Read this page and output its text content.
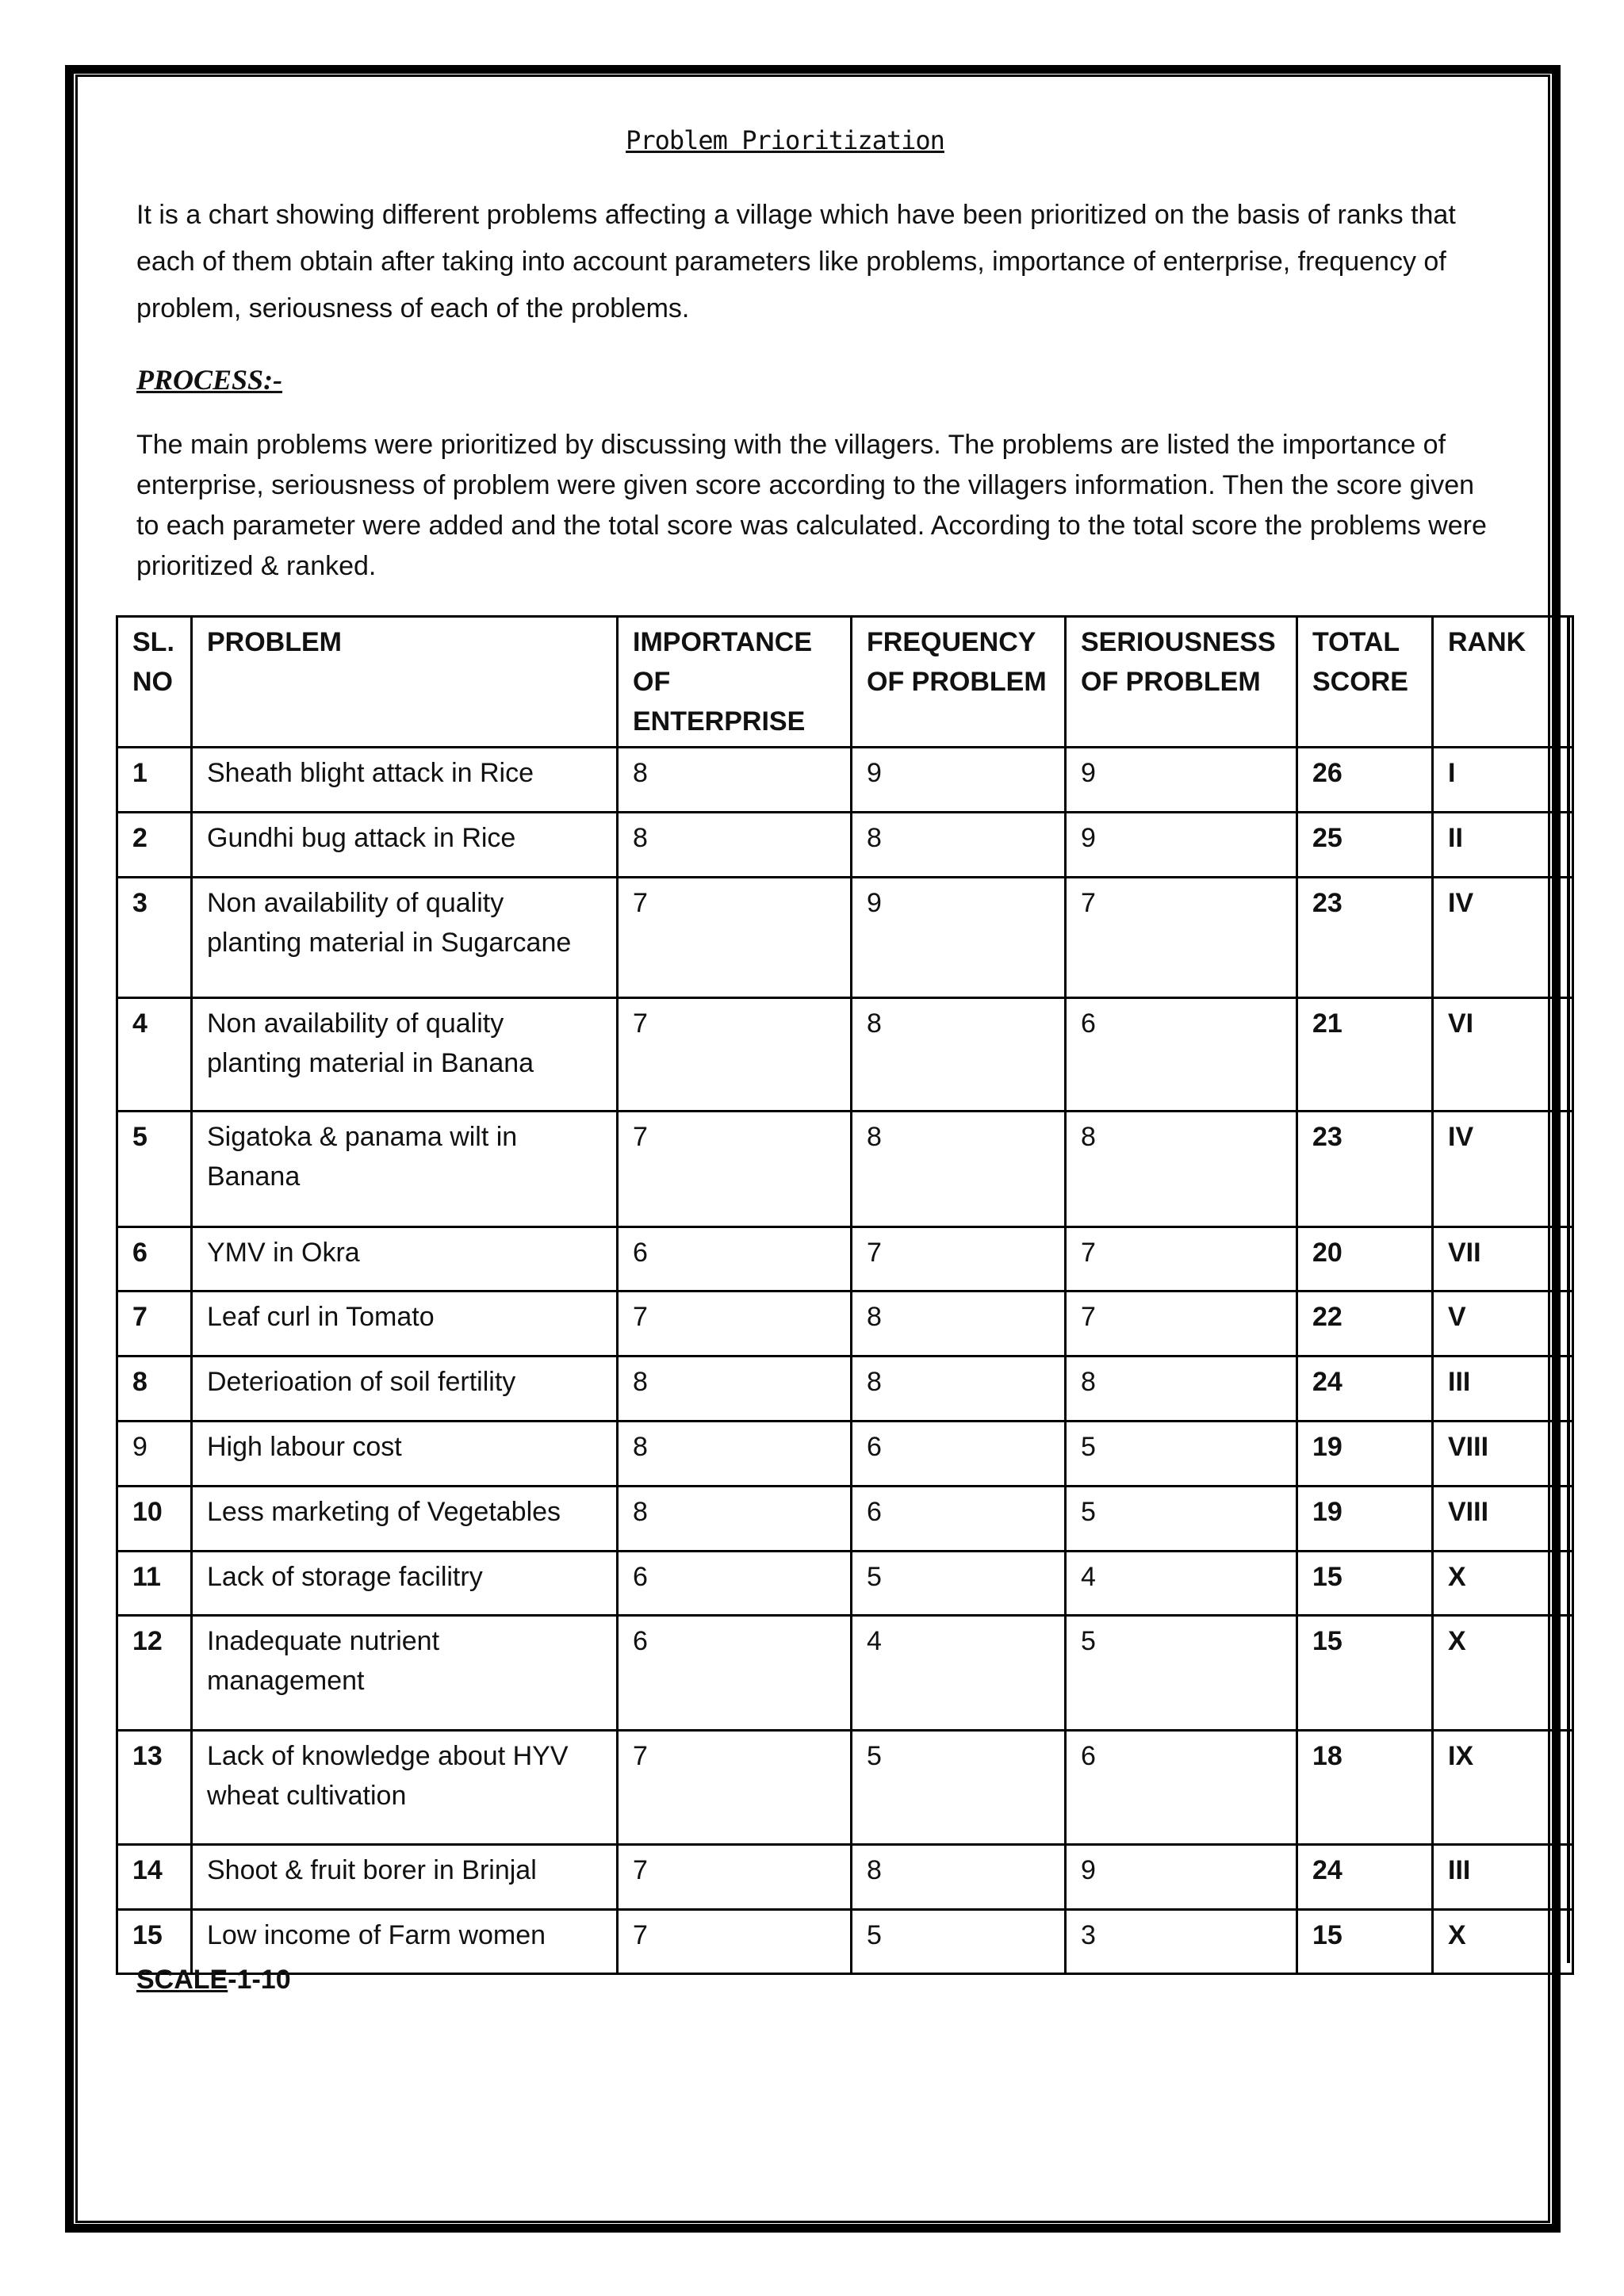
Problem Prioritization

It is a chart showing different problems affecting a village which have been prioritized on the basis of ranks that each of them obtain after taking into account parameters like problems, importance of enterprise, frequency of problem, seriousness of each of the problems.

PROCESS:-

The main problems were prioritized by discussing with the villagers. The problems are listed the importance of enterprise, seriousness of problem were given score according to the villagers information. Then the score given to each parameter were added and the total score was calculated. According to the total score the problems were prioritized & ranked.

SL. NO	PROBLEM	IMPORTANCE OF ENTERPRISE	FREQUENCY OF PROBLEM	SERIOUSNESS OF PROBLEM	TOTAL SCORE	RANK
1	Sheath blight attack in Rice	8	9	9	26	I
2	Gundhi bug attack in Rice	8	8	9	25	II
3	Non availability of quality planting material in Sugarcane	7	9	7	23	IV
4	Non availability of quality planting material in Banana	7	8	6	21	VI
5	Sigatoka & panama wilt in Banana	7	8	8	23	IV
6	YMV in Okra	6	7	7	20	VII
7	Leaf curl in Tomato	7	8	7	22	V
8	Deterioation of soil fertility	8	8	8	24	III
9	High labour cost	8	6	5	19	VIII
10	Less marketing of Vegetables	8	6	5	19	VIII
11	Lack of storage facilitry	6	5	4	15	X
12	Inadequate nutrient management	6	4	5	15	X
13	Lack of knowledge about HYV wheat cultivation	7	5	6	18	IX
14	Shoot & fruit borer in Brinjal	7	8	9	24	III
15	Low income of Farm women	7	5	3	15	X

SCALE-1-10
